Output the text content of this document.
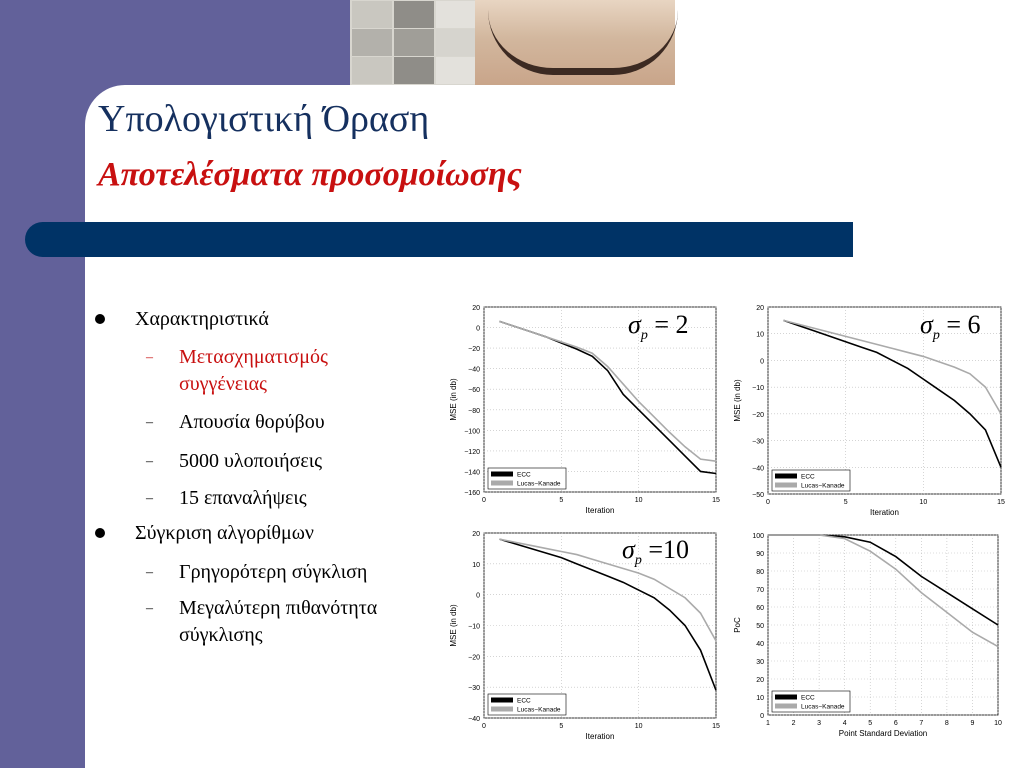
Υπολογιστική Όραση
Αποτελέσματα προσομοίωσης
Χαρακτηριστικά
– Μετασχηματισμός συγγένειας
– Απουσία θορύβου
– 5000 υλοποιήσεις
– 15 επαναλήψεις
Σύγκριση αλγορίθμων
– Γρηγορότερη σύγκλιση
– Μεγαλύτερη πιθανότητα σύγκλισης
20
0
−20
−40
−60
−80
−100
−120
−140
−160
0	5	10	15
Iteration
MSE (in db)
ECC
Lucas−Kanade
20
10
0
−10
−20
−30
−40
−50
0	5	10	15
Iteration
MSE (in db)
ECC
Lucas−Kanade
20
10
0
−10
−20
−30
−40
0	5	10	15
Iteration
MSE (in db)
ECC
Lucas−Kanade
100
90
80
70
60
50
40
30
20
10
0
1	2	3	4	5	6	7	8	9	10
Point Standard Deviation
PoC
ECC
Lucas−Kanade
$\sigma_p = 2$	$\sigma_p = 6$
$\sigma_p =10$
